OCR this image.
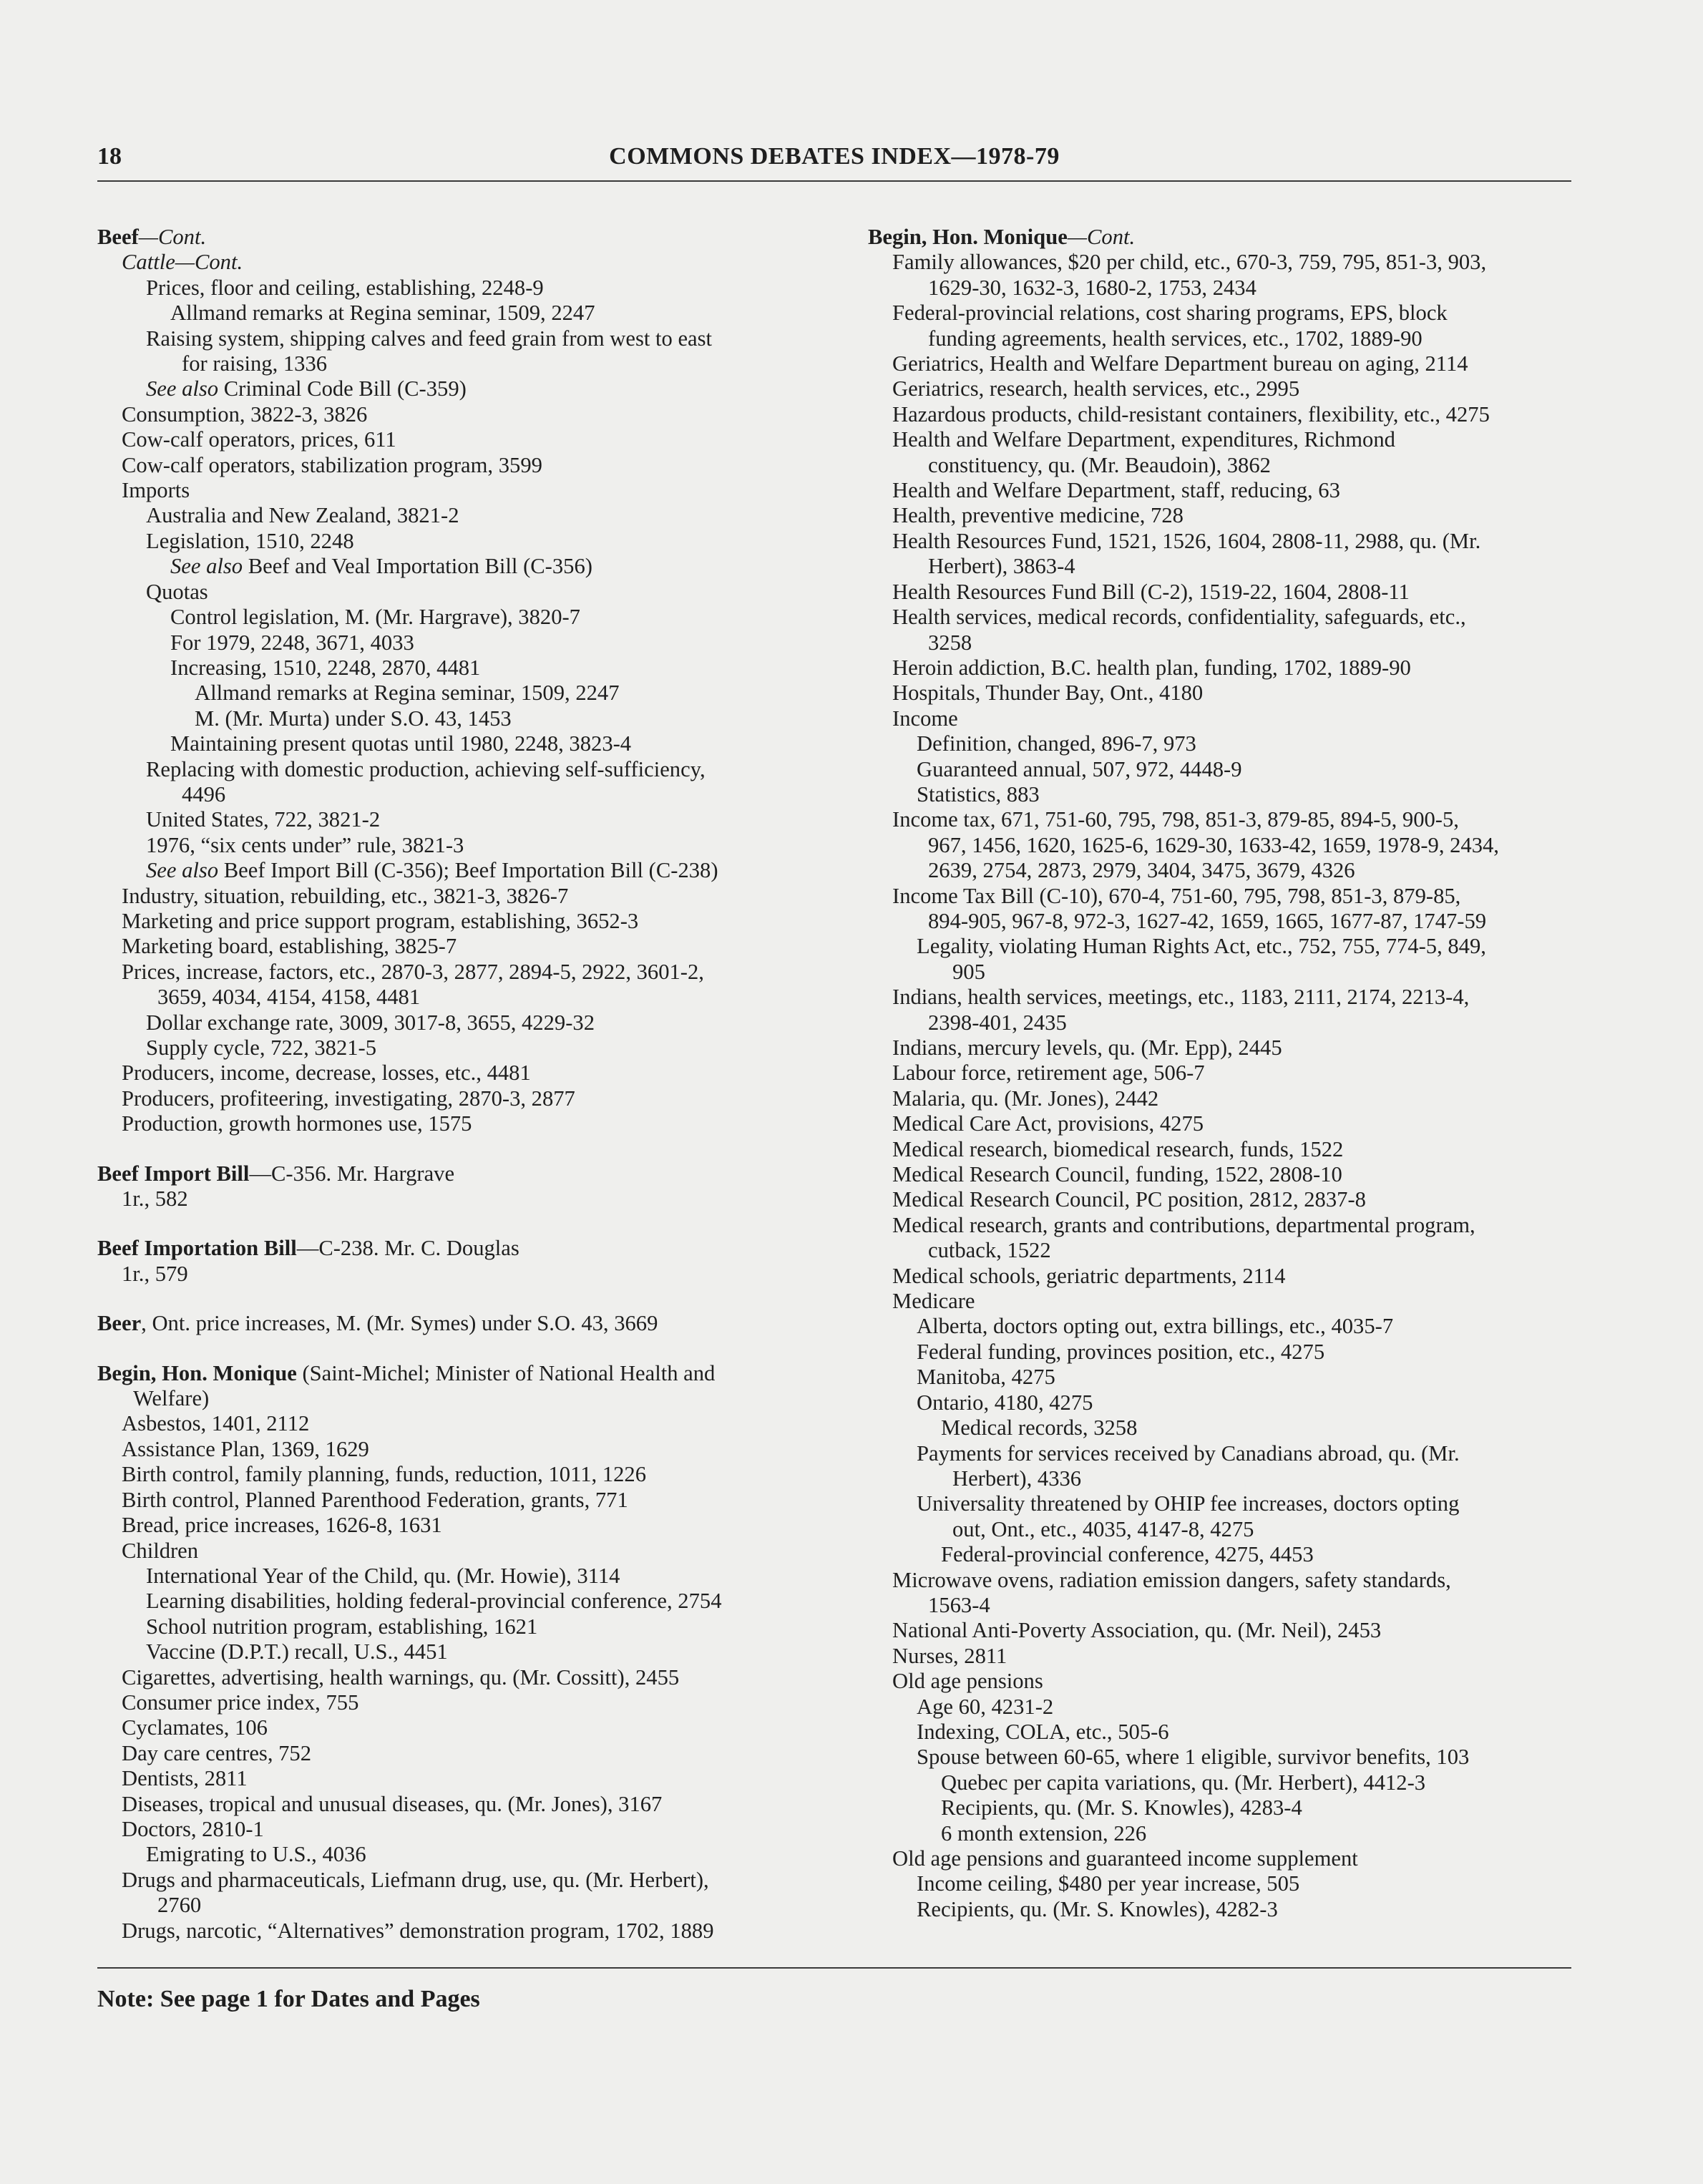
18	COMMONS DEBATES INDEX—1978-79
Beef—Cont.
Cattle—Cont.
Prices, floor and ceiling, establishing, 2248-9
Allmand remarks at Regina seminar, 1509, 2247
Raising system, shipping calves and feed grain from west to east
for raising, 1336
See also Criminal Code Bill (C-359)
Consumption, 3822-3, 3826
Cow-calf operators, prices, 611
Cow-calf operators, stabilization program, 3599
Imports
Australia and New Zealand, 3821-2
Legislation, 1510, 2248
See also Beef and Veal Importation Bill (C-356)
Quotas
Control legislation, M. (Mr. Hargrave), 3820-7
For 1979, 2248, 3671, 4033
Increasing, 1510, 2248, 2870, 4481
Allmand remarks at Regina seminar, 1509, 2247
M. (Mr. Murta) under S.O. 43, 1453
Maintaining present quotas until 1980, 2248, 3823-4
Replacing with domestic production, achieving self-sufficiency,
4496
United States, 722, 3821-2
1976, “six cents under” rule, 3821-3
See also Beef Import Bill (C-356); Beef Importation Bill (C-238)
Industry, situation, rebuilding, etc., 3821-3, 3826-7
Marketing and price support program, establishing, 3652-3
Marketing board, establishing, 3825-7
Prices, increase, factors, etc., 2870-3, 2877, 2894-5, 2922, 3601-2,
3659, 4034, 4154, 4158, 4481
Dollar exchange rate, 3009, 3017-8, 3655, 4229-32
Supply cycle, 722, 3821-5
Producers, income, decrease, losses, etc., 4481
Producers, profiteering, investigating, 2870-3, 2877
Production, growth hormones use, 1575
Beef Import Bill—C-356. Mr. Hargrave
1r., 582
Beef Importation Bill—C-238. Mr. C. Douglas
1r., 579
Beer, Ont. price increases, M. (Mr. Symes) under S.O. 43, 3669
Begin, Hon. Monique (Saint-Michel; Minister of National Health and
Welfare)
Asbestos, 1401, 2112
Assistance Plan, 1369, 1629
Birth control, family planning, funds, reduction, 1011, 1226
Birth control, Planned Parenthood Federation, grants, 771
Bread, price increases, 1626-8, 1631
Children
International Year of the Child, qu. (Mr. Howie), 3114
Learning disabilities, holding federal-provincial conference, 2754
School nutrition program, establishing, 1621
Vaccine (D.P.T.) recall, U.S., 4451
Cigarettes, advertising, health warnings, qu. (Mr. Cossitt), 2455
Consumer price index, 755
Cyclamates, 106
Day care centres, 752
Dentists, 2811
Diseases, tropical and unusual diseases, qu. (Mr. Jones), 3167
Doctors, 2810-1
Emigrating to U.S., 4036
Drugs and pharmaceuticals, Liefmann drug, use, qu. (Mr. Herbert),
2760
Drugs, narcotic, “Alternatives” demonstration program, 1702, 1889
Begin, Hon. Monique—Cont.
Family allowances, $20 per child, etc., 670-3, 759, 795, 851-3, 903,
1629-30, 1632-3, 1680-2, 1753, 2434
Federal-provincial relations, cost sharing programs, EPS, block
funding agreements, health services, etc., 1702, 1889-90
Geriatrics, Health and Welfare Department bureau on aging, 2114
Geriatrics, research, health services, etc., 2995
Hazardous products, child-resistant containers, flexibility, etc., 4275
Health and Welfare Department, expenditures, Richmond
constituency, qu. (Mr. Beaudoin), 3862
Health and Welfare Department, staff, reducing, 63
Health, preventive medicine, 728
Health Resources Fund, 1521, 1526, 1604, 2808-11, 2988, qu. (Mr.
Herbert), 3863-4
Health Resources Fund Bill (C-2), 1519-22, 1604, 2808-11
Health services, medical records, confidentiality, safeguards, etc.,
3258
Heroin addiction, B.C. health plan, funding, 1702, 1889-90
Hospitals, Thunder Bay, Ont., 4180
Income
Definition, changed, 896-7, 973
Guaranteed annual, 507, 972, 4448-9
Statistics, 883
Income tax, 671, 751-60, 795, 798, 851-3, 879-85, 894-5, 900-5,
967, 1456, 1620, 1625-6, 1629-30, 1633-42, 1659, 1978-9, 2434,
2639, 2754, 2873, 2979, 3404, 3475, 3679, 4326
Income Tax Bill (C-10), 670-4, 751-60, 795, 798, 851-3, 879-85,
894-905, 967-8, 972-3, 1627-42, 1659, 1665, 1677-87, 1747-59
Legality, violating Human Rights Act, etc., 752, 755, 774-5, 849,
905
Indians, health services, meetings, etc., 1183, 2111, 2174, 2213-4,
2398-401, 2435
Indians, mercury levels, qu. (Mr. Epp), 2445
Labour force, retirement age, 506-7
Malaria, qu. (Mr. Jones), 2442
Medical Care Act, provisions, 4275
Medical research, biomedical research, funds, 1522
Medical Research Council, funding, 1522, 2808-10
Medical Research Council, PC position, 2812, 2837-8
Medical research, grants and contributions, departmental program,
cutback, 1522
Medical schools, geriatric departments, 2114
Medicare
Alberta, doctors opting out, extra billings, etc., 4035-7
Federal funding, provinces position, etc., 4275
Manitoba, 4275
Ontario, 4180, 4275
Medical records, 3258
Payments for services received by Canadians abroad, qu. (Mr.
Herbert), 4336
Universality threatened by OHIP fee increases, doctors opting
out, Ont., etc., 4035, 4147-8, 4275
Federal-provincial conference, 4275, 4453
Microwave ovens, radiation emission dangers, safety standards,
1563-4
National Anti-Poverty Association, qu. (Mr. Neil), 2453
Nurses, 2811
Old age pensions
Age 60, 4231-2
Indexing, COLA, etc., 505-6
Spouse between 60-65, where 1 eligible, survivor benefits, 103
Quebec per capita variations, qu. (Mr. Herbert), 4412-3
Recipients, qu. (Mr. S. Knowles), 4283-4
6 month extension, 226
Old age pensions and guaranteed income supplement
Income ceiling, $480 per year increase, 505
Recipients, qu. (Mr. S. Knowles), 4282-3
Note: See page 1 for Dates and Pages
